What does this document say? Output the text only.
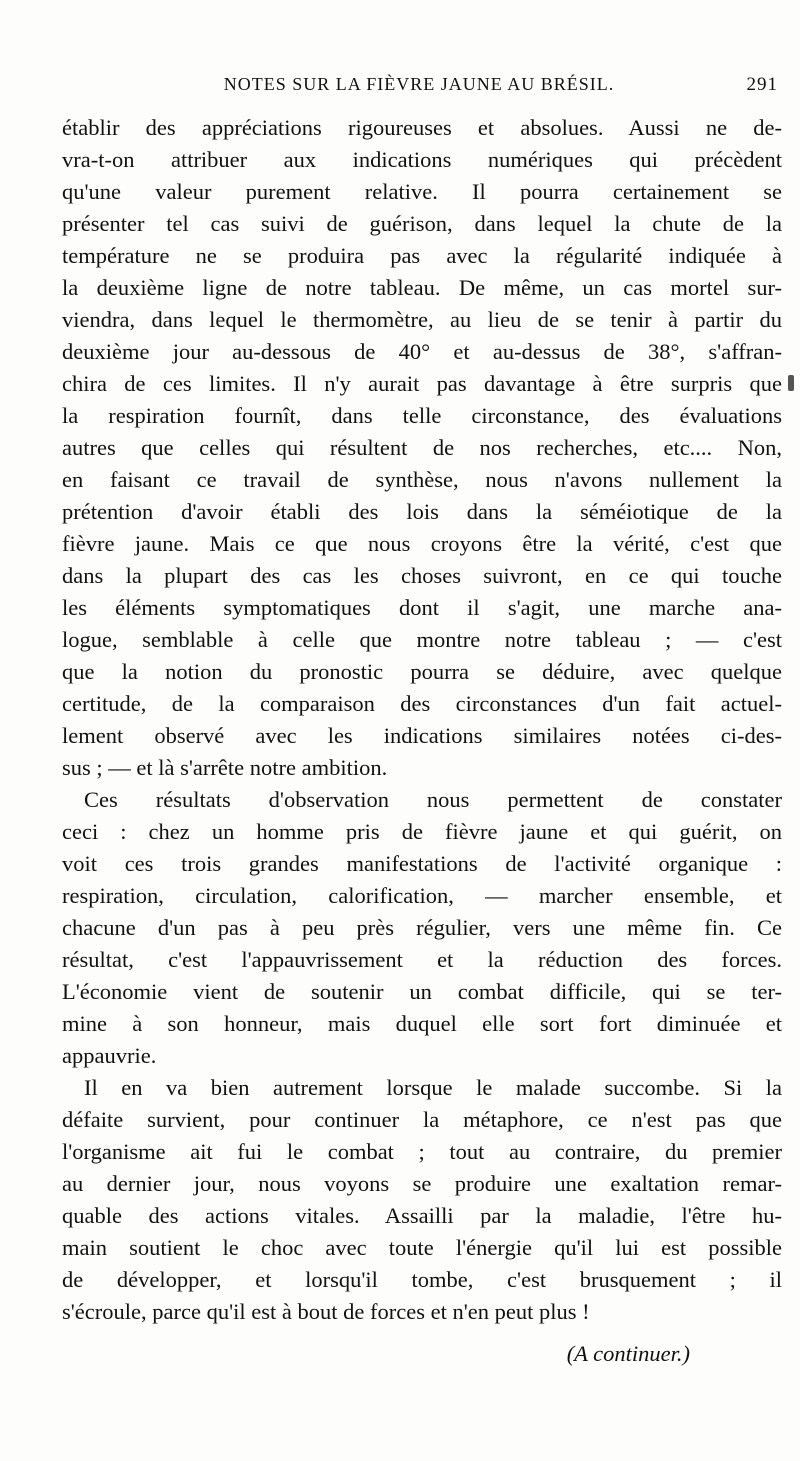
NOTES SUR LA FIÈVRE JAUNE AU BRÉSIL.	291
établir des appréciations rigoureuses et absolues. Aussi ne de-
vra-t-on attribuer aux indications numériques qui précèdent
qu'une valeur purement relative. Il pourra certainement se
présenter tel cas suivi de guérison, dans lequel la chute de la
température ne se produira pas avec la régularité indiquée à
la deuxième ligne de notre tableau. De même, un cas mortel sur-
viendra, dans lequel le thermomètre, au lieu de se tenir à partir du
deuxième jour au-dessous de 40° et au-dessus de 38°, s'affran-
chira de ces limites. Il n'y aurait pas davantage à être surpris que
la respiration fournît, dans telle circonstance, des évaluations
autres que celles qui résultent de nos recherches, etc.... Non,
en faisant ce travail de synthèse, nous n'avons nullement la
prétention d'avoir établi des lois dans la séméiotique de la
fièvre jaune. Mais ce que nous croyons être la vérité, c'est que
dans la plupart des cas les choses suivront, en ce qui touche
les éléments symptomatiques dont il s'agit, une marche ana-
logue, semblable à celle que montre notre tableau ; — c'est
que la notion du pronostic pourra se déduire, avec quelque
certitude, de la comparaison des circonstances d'un fait actuel-
lement observé avec les indications similaires notées ci-des-
sus ; — et là s'arrête notre ambition.
Ces résultats d'observation nous permettent de constater
ceci : chez un homme pris de fièvre jaune et qui guérit, on
voit ces trois grandes manifestations de l'activité organique :
respiration, circulation, calorification, — marcher ensemble, et
chacune d'un pas à peu près régulier, vers une même fin. Ce
résultat, c'est l'appauvrissement et la réduction des forces.
L'économie vient de soutenir un combat difficile, qui se ter-
mine à son honneur, mais duquel elle sort fort diminuée et
appauvrie.
Il en va bien autrement lorsque le malade succombe. Si la
défaite survient, pour continuer la métaphore, ce n'est pas que
l'organisme ait fui le combat ; tout au contraire, du premier
au dernier jour, nous voyons se produire une exaltation remar-
quable des actions vitales. Assailli par la maladie, l'être hu-
main soutient le choc avec toute l'énergie qu'il lui est possible
de développer, et lorsqu'il tombe, c'est brusquement ; il
s'écroule, parce qu'il est à bout de forces et n'en peut plus !
(A continuer.)
